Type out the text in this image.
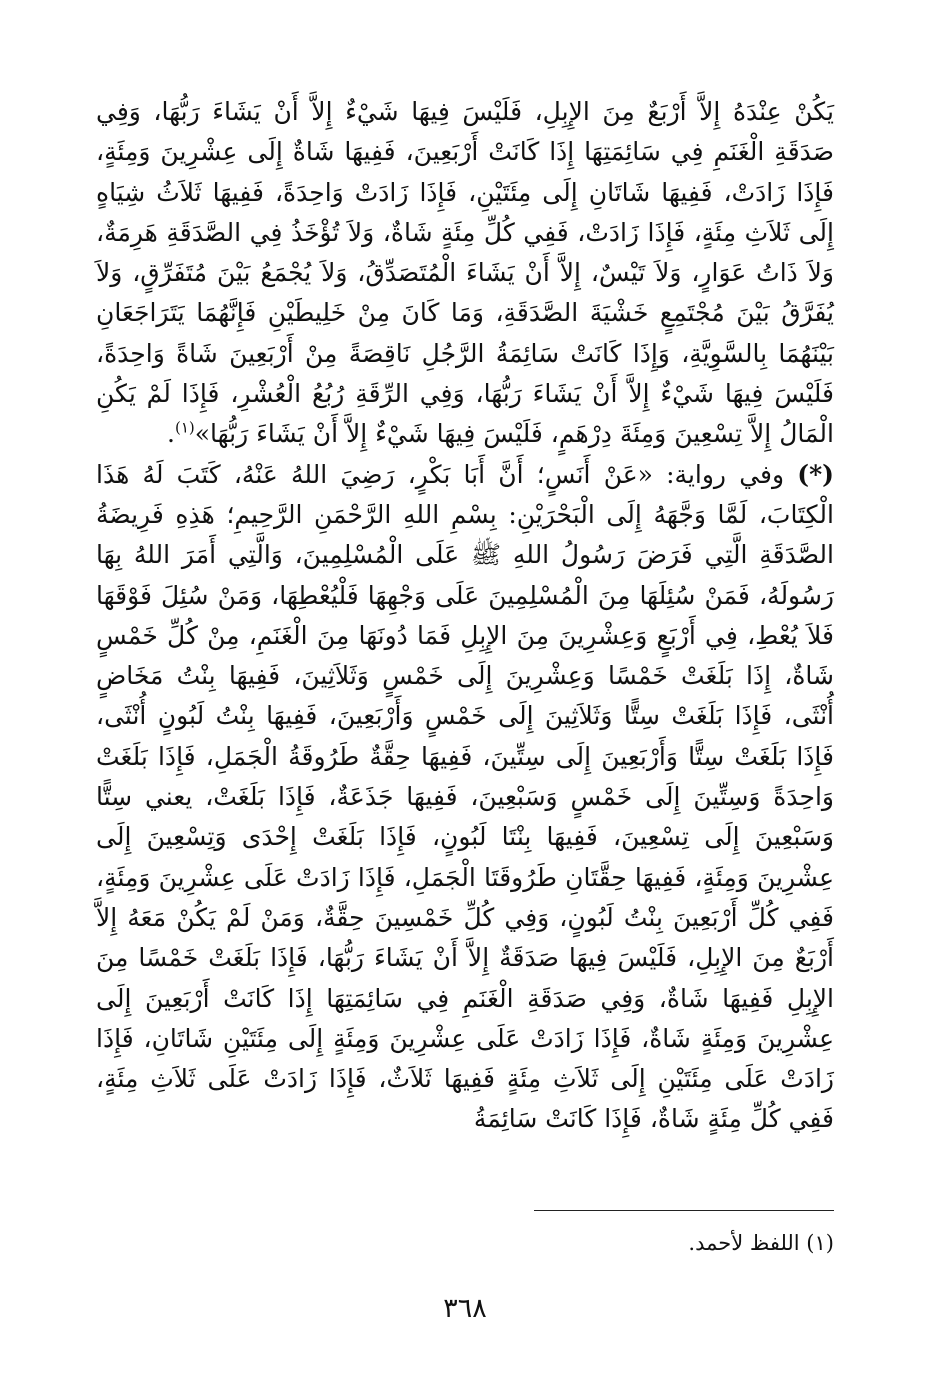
يَكُنْ عِنْدَهُ إِلاَّ أَرْبَعٌ مِنَ الإِبِلِ، فَلَيْسَ فِيهَا شَيْءٌ إِلاَّ أَنْ يَشَاءَ رَبُّهَا، وَفِي صَدَقَةِ الْغَنَمِ فِي سَائِمَتِهَا إِذَا كَانَتْ أَرْبَعِينَ، فَفِيهَا شَاةٌ إِلَى عِشْرِينَ وَمِئَةٍ، فَإِذَا زَادَتْ، فَفِيهَا شَاتَانِ إِلَى مِئَتَيْنِ، فَإِذَا زَادَتْ وَاحِدَةً، فَفِيهَا ثَلاَثُ شِيَاهٍ إِلَى ثَلاَثِ مِئَةٍ، فَإِذَا زَادَتْ، فَفِي كُلِّ مِئَةٍ شَاةٌ، وَلاَ تُؤْخَذُ فِي الصَّدَقَةِ هَرِمَةٌ، وَلاَ ذَاتُ عَوَارٍ، وَلاَ تَيْسٌ، إِلاَّ أَنْ يَشَاءَ الْمُتَصَدِّقُ، وَلاَ يُجْمَعُ بَيْنَ مُتَفَرِّقٍ، وَلاَ يُفَرَّقُ بَيْنَ مُجْتَمِعٍ خَشْيَةَ الصَّدَقَةِ، وَمَا كَانَ مِنْ خَلِيطَيْنِ فَإِنَّهُمَا يَتَرَاجَعَانِ بَيْنَهُمَا بِالسَّوِيَّةِ، وَإِذَا كَانَتْ سَائِمَةُ الرَّجُلِ نَاقِصَةً مِنْ أَرْبَعِينَ شَاةً وَاحِدَةً، فَلَيْسَ فِيهَا شَيْءٌ إِلاَّ أَنْ يَشَاءَ رَبُّهَا، وَفِي الرِّقَةِ رُبُعُ الْعُشْرِ، فَإِذَا لَمْ يَكُنِ الْمَالُ إِلاَّ تِسْعِينَ وَمِئَةَ دِرْهَمٍ، فَلَيْسَ فِيهَا شَيْءٌ إِلاَّ أَنْ يَشَاءَ رَبُّهَا»$^{(١)}$.

(*) وفي رواية: «عَنْ أَنَسٍ؛ أَنَّ أَبَا بَكْرٍ، رَضِيَ اللهُ عَنْهُ، كَتَبَ لَهُ هَذَا الْكِتَابَ، لَمَّا وَجَّهَهُ إِلَى الْبَحْرَيْنِ: بِسْمِ اللهِ الرَّحْمَنِ الرَّحِيمِ؛ هَذِهِ فَرِيضَةُ الصَّدَقَةِ الَّتِي فَرَضَ رَسُولُ اللهِ ﷺ عَلَى الْمُسْلِمِينَ، وَالَّتِي أَمَرَ اللهُ بِهَا رَسُولَهُ، فَمَنْ سُئِلَهَا مِنَ الْمُسْلِمِينَ عَلَى وَجْهِهَا فَلْيُعْطِهَا، وَمَنْ سُئِلَ فَوْقَهَا فَلاَ يُعْطِ، فِي أَرْبَعٍ وَعِشْرِينَ مِنَ الإِبِلِ فَمَا دُونَهَا مِنَ الْغَنَمِ، مِنْ كُلِّ خَمْسٍ شَاةٌ، إِذَا بَلَغَتْ خَمْسًا وَعِشْرِينَ إِلَى خَمْسٍ وَثَلاَثِينَ، فَفِيهَا بِنْتُ مَخَاضٍ أُنْثَى، فَإِذَا بَلَغَتْ سِتًّا وَثَلاَثِينَ إِلَى خَمْسٍ وَأَرْبَعِينَ، فَفِيهَا بِنْتُ لَبُونٍ أُنْثَى، فَإِذَا بَلَغَتْ سِتًّا وَأَرْبَعِينَ إِلَى سِتِّينَ، فَفِيهَا حِقَّةٌ طَرُوقَةُ الْجَمَلِ، فَإِذَا بَلَغَتْ وَاحِدَةً وَسِتِّينَ إِلَى خَمْسٍ وَسَبْعِينَ، فَفِيهَا جَذَعَةٌ، فَإِذَا بَلَغَتْ، يعني سِتًّا وَسَبْعِينَ إِلَى تِسْعِينَ، فَفِيهَا بِنْتَا لَبُونٍ، فَإِذَا بَلَغَتْ إِحْدَى وَتِسْعِينَ إِلَى عِشْرِينَ وَمِئَةٍ، فَفِيهَا حِقَّتَانِ طَرُوقَتَا الْجَمَلِ، فَإِذَا زَادَتْ عَلَى عِشْرِينَ وَمِئَةٍ، فَفِي كُلِّ أَرْبَعِينَ بِنْتُ لَبُونٍ، وَفِي كُلِّ خَمْسِينَ حِقَّةٌ، وَمَنْ لَمْ يَكُنْ مَعَهُ إِلاَّ أَرْبَعٌ مِنَ الإِبِلِ، فَلَيْسَ فِيهَا صَدَقَةٌ إِلاَّ أَنْ يَشَاءَ رَبُّهَا، فَإِذَا بَلَغَتْ خَمْسًا مِنَ الإِبِلِ فَفِيهَا شَاةٌ، وَفِي صَدَقَةِ الْغَنَمِ فِي سَائِمَتِهَا إِذَا كَانَتْ أَرْبَعِينَ إِلَى عِشْرِينَ وَمِئَةٍ شَاةٌ، فَإِذَا زَادَتْ عَلَى عِشْرِينَ وَمِئَةٍ إِلَى مِئَتَيْنِ شَاتَانِ، فَإِذَا زَادَتْ عَلَى مِئَتَيْنِ إِلَى ثَلاَثِ مِئَةٍ فَفِيهَا ثَلاَثٌ، فَإِذَا زَادَتْ عَلَى ثَلاَثِ مِئَةٍ، فَفِي كُلِّ مِئَةٍ شَاةٌ، فَإِذَا كَانَتْ سَائِمَةُ

(١) اللفظ لأحمد.
٣٦٨
